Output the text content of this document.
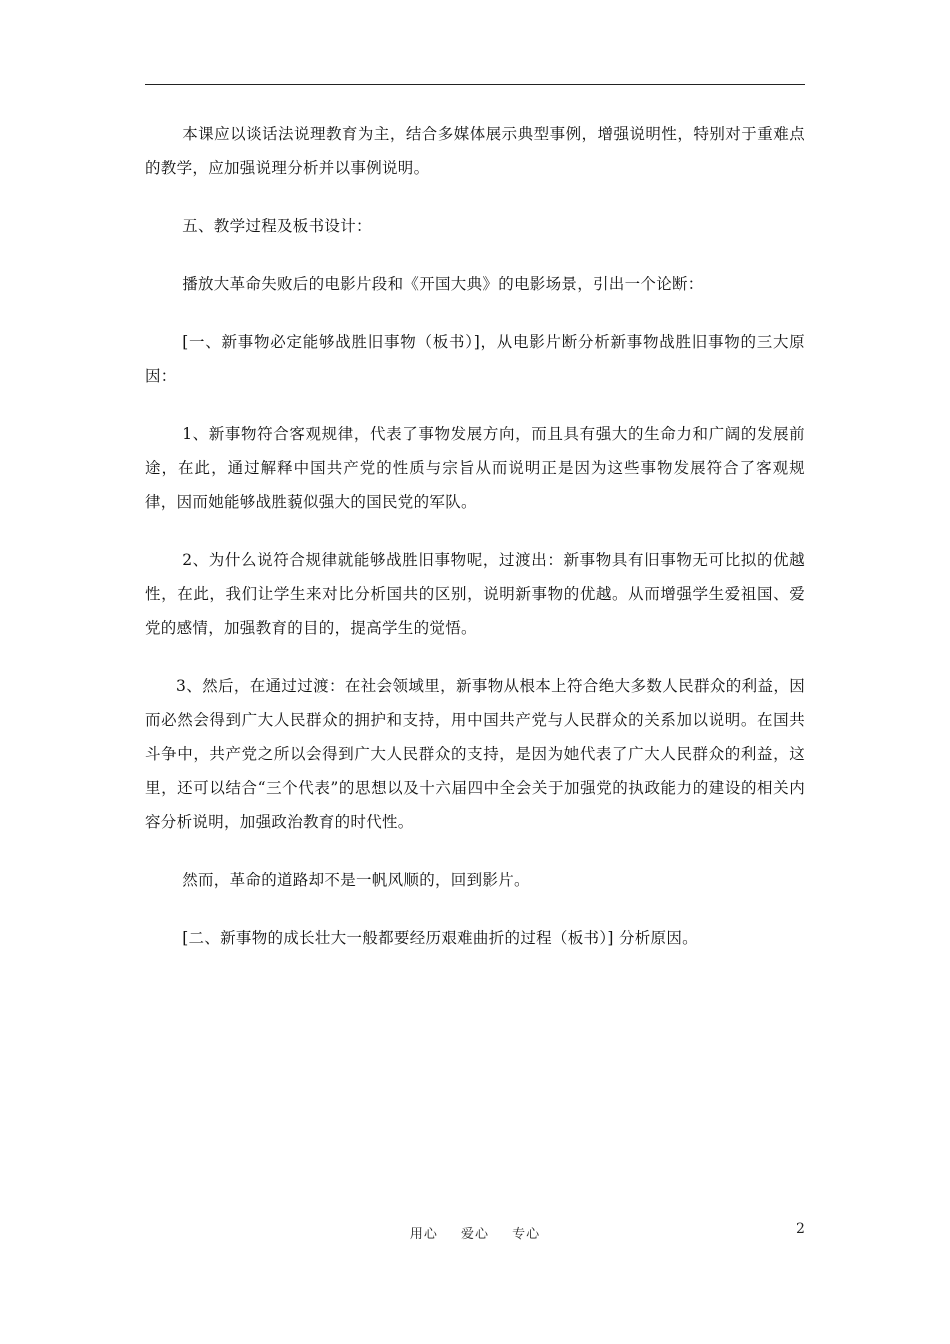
本课应以谈话法说理教育为主，结合多媒体展示典型事例，增强说明性，特别对于重难点的教学，应加强说理分析并以事例说明。

五、教学过程及板书设计：

播放大革命失败后的电影片段和《开国大典》的电影场景，引出一个论断：

[一、新事物必定能够战胜旧事物（板书）]，从电影片断分析新事物战胜旧事物的三大原因：

1、新事物符合客观规律，代表了事物发展方向，而且具有强大的生命力和广阔的发展前途，在此，通过解释中国共产党的性质与宗旨从而说明正是因为这些事物发展符合了客观规律，因而她能够战胜藐似强大的国民党的军队。

2、为什么说符合规律就能够战胜旧事物呢，过渡出：新事物具有旧事物无可比拟的优越性，在此，我们让学生来对比分析国共的区别，说明新事物的优越。从而增强学生爱祖国、爱党的感情，加强教育的目的，提高学生的觉悟。

3、然后，在通过过渡：在社会领域里，新事物从根本上符合绝大多数人民群众的利益，因而必然会得到广大人民群众的拥护和支持，用中国共产党与人民群众的关系加以说明。在国共斗争中，共产党之所以会得到广大人民群众的支持，是因为她代表了广大人民群众的利益，这里，还可以结合“三个代表”的思想以及十六届四中全会关于加强党的执政能力的建设的相关内容分析说明，加强政治教育的时代性。

然而，革命的道路却不是一帆风顺的，回到影片。

[二、新事物的成长壮大一般都要经历艰难曲折的过程（板书）] 分析原因。

用心 爱心 专心	2
